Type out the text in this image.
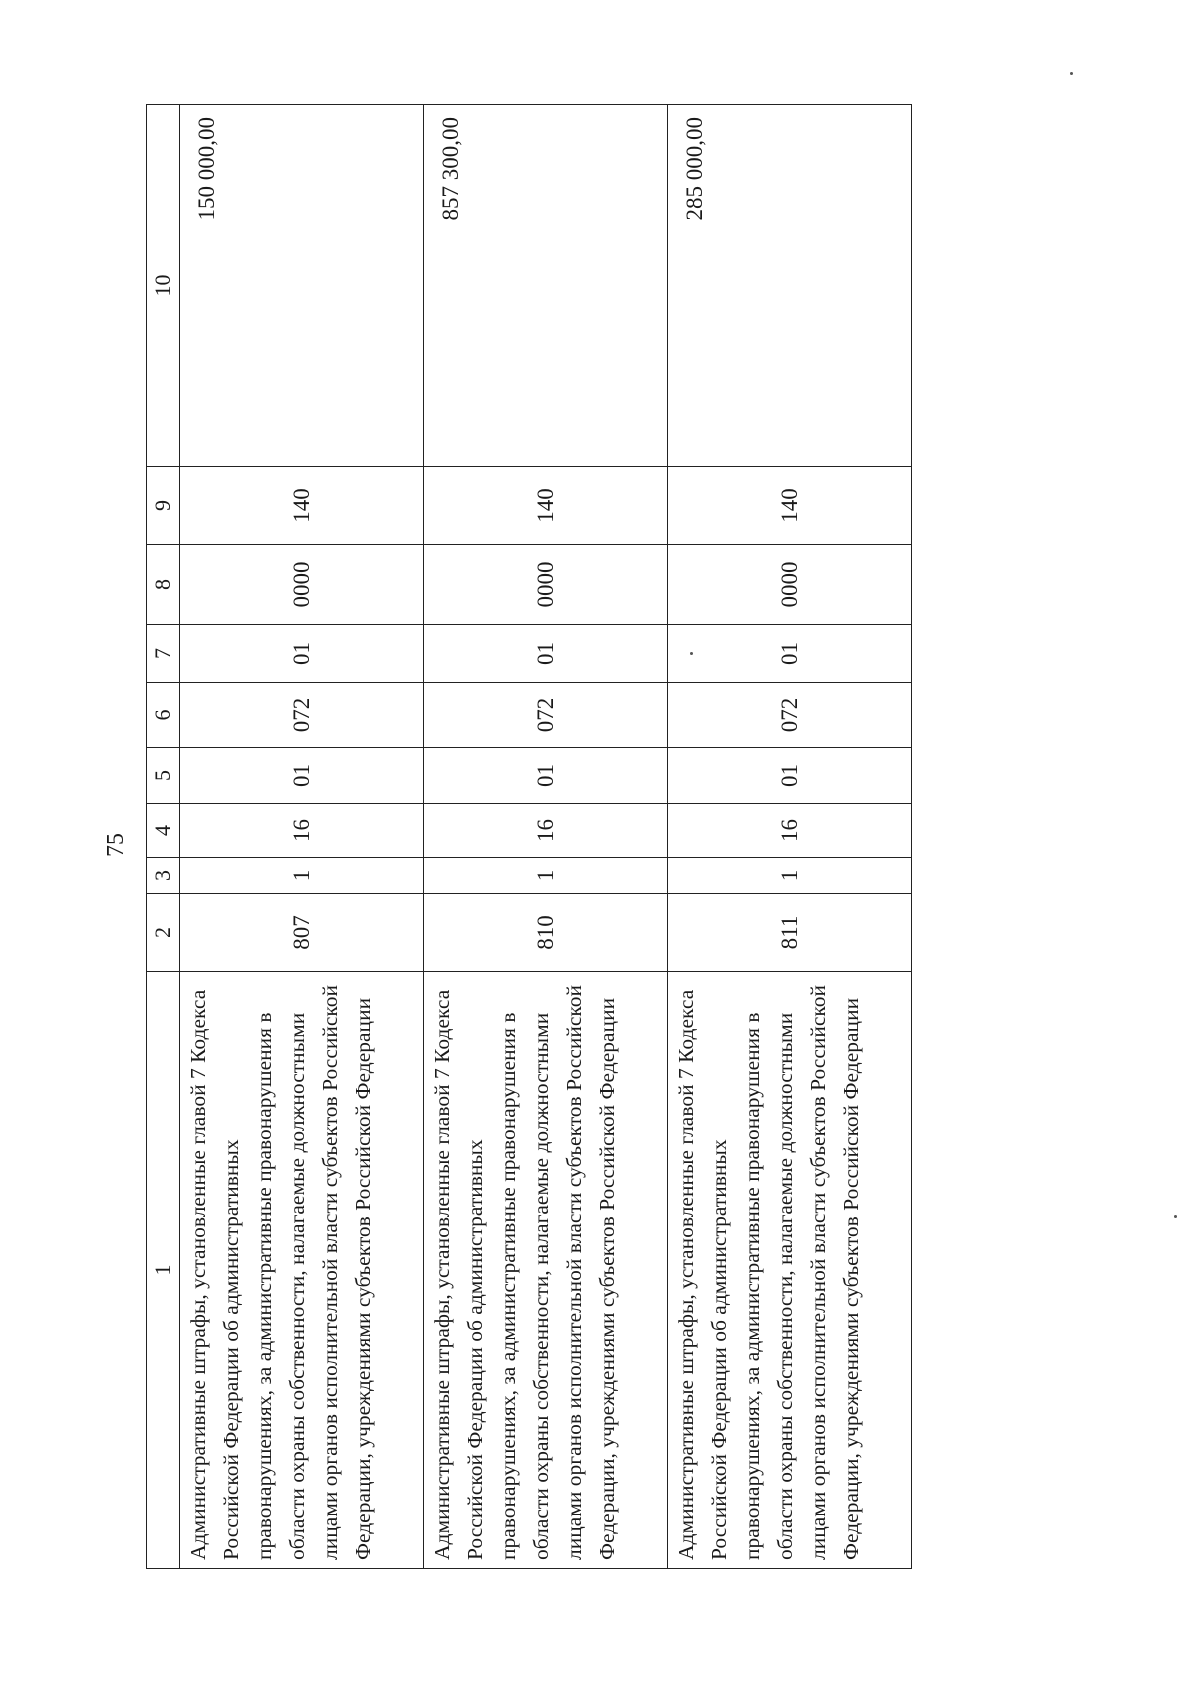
75
1	2	3	4	5	6	7	8	9	10
Административные штрафы, установленные главой 7 Кодекса Российской Федерации об административных правонарушениях, за административные правонарушения в области охраны собственности, налагаемые должностными лицами органов исполнительной власти субъектов Российской Федерации, учреждениями субъектов Российской Федерации	807	1	16	01	072	01	0000	140	150 000,00
Административные штрафы, установленные главой 7 Кодекса Российской Федерации об административных правонарушениях, за административные правонарушения в области охраны собственности, налагаемые должностными лицами органов исполнительной власти субъектов Российской Федерации, учреждениями субъектов Российской Федерации	810	1	16	01	072	01	0000	140	857 300,00
Административные штрафы, установленные главой 7 Кодекса Российской Федерации об административных правонарушениях, за административные правонарушения в области охраны собственности, налагаемые должностными лицами органов исполнительной власти субъектов Российской Федерации, учреждениями субъектов Российской Федерации	811	1	16	01	072	01	0000	140	285 000,00
